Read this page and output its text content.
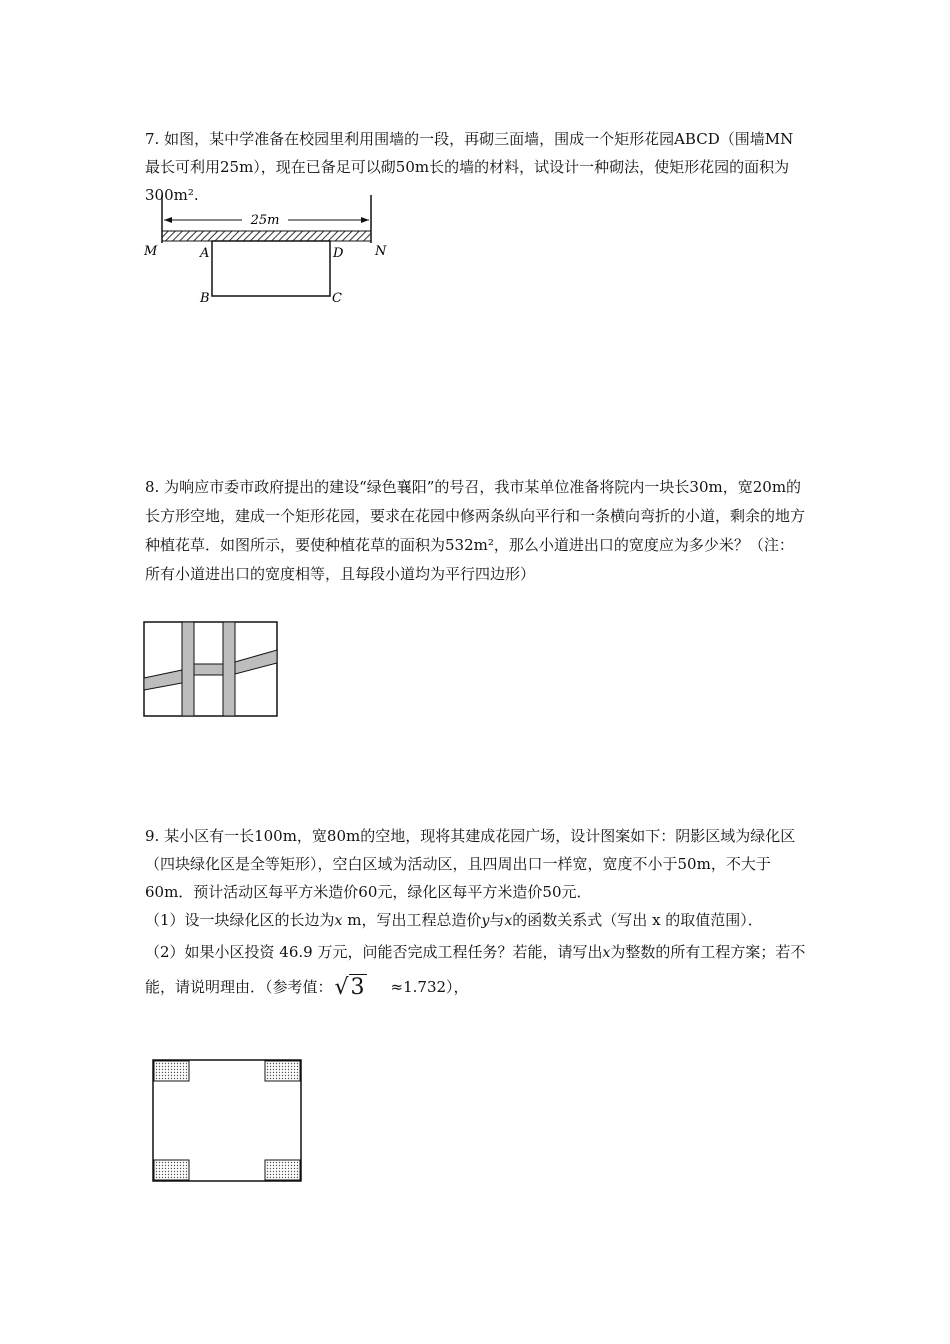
7. 如图，某中学准备在校园里利用围墙的一段，再砌三面墙，围成一个矩形花园ABCD（围墙MN最长可利用25m），现在已备足可以砌50m长的墙的材料，试设计一种砌法，使矩形花园的面积为300m².

25m
M	A	D N
B	C

8. 为响应市委市政府提出的建设“绿色襄阳”的号召，我市某单位准备将院内一块长30m，宽20m的长方形空地，建成一个矩形花园，要求在花园中修两条纵向平行和一条横向弯折的小道，剩余的地方种植花草．如图所示，要使种植花草的面积为532m²，那么小道进出口的宽度应为多少米？（注：所有小道进出口的宽度相等，且每段小道均为平行四边形）

9. 某小区有一长100m，宽80m的空地，现将其建成花园广场，设计图案如下：阴影区域为绿化区（四块绿化区是全等矩形），空白区域为活动区，且四周出口一样宽，宽度不小于50m，不大于60m．预计活动区每平方米造价60元，绿化区每平方米造价50元．

（1）设一块绿化区的长边为x m，写出工程总造价y与x的函数关系式（写出 x 的取值范围）．

（2）如果小区投资 46.9 万元，问能否完成工程任务？若能，请写出x为整数的所有工程方案；若不能，请说明理由．（参考值：√3 ≈1.732），
